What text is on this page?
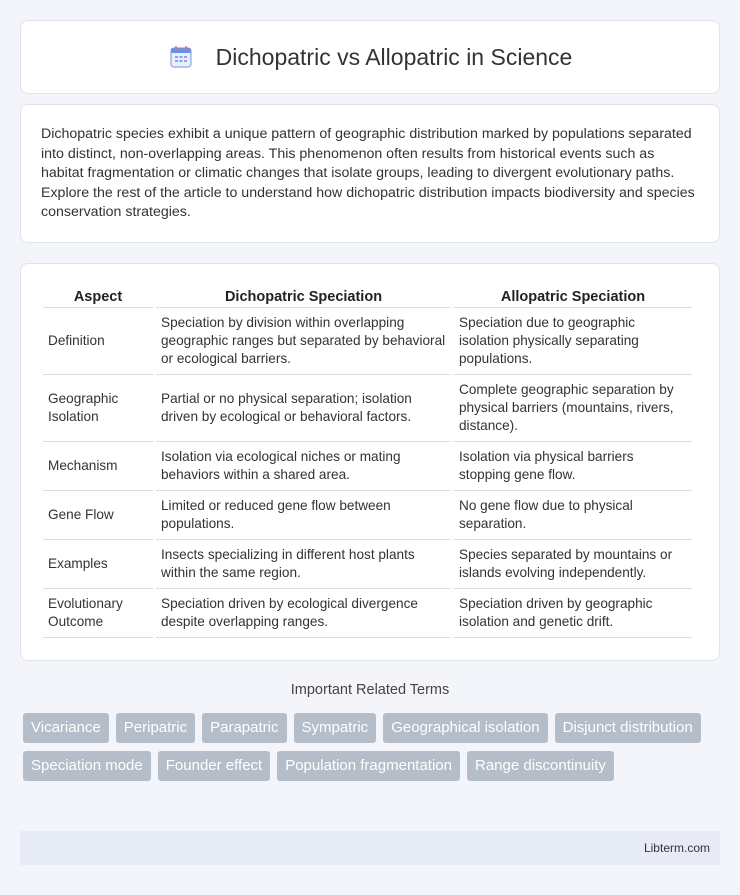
Dichopatric vs Allopatric in Science

Dichopatric species exhibit a unique pattern of geographic distribution marked by populations separated into distinct, non-overlapping areas. This phenomenon often results from historical events such as habitat fragmentation or climatic changes that isolate groups, leading to divergent evolutionary paths. Explore the rest of the article to understand how dichopatric distribution impacts biodiversity and species conservation strategies.

Aspect	Dichopatric Speciation	Allopatric Speciation
Definition	Speciation by division within overlapping geographic ranges but separated by behavioral or ecological barriers.	Speciation due to geographic isolation physically separating populations.
Geographic Isolation	Partial or no physical separation; isolation driven by ecological or behavioral factors.	Complete geographic separation by physical barriers (mountains, rivers, distance).
Mechanism	Isolation via ecological niches or mating behaviors within a shared area.	Isolation via physical barriers stopping gene flow.
Gene Flow	Limited or reduced gene flow between populations.	No gene flow due to physical separation.
Examples	Insects specializing in different host plants within the same region.	Species separated by mountains or islands evolving independently.
Evolutionary Outcome	Speciation driven by ecological divergence despite overlapping ranges.	Speciation driven by geographic isolation and genetic drift.
Important Related Terms
Vicariance	Peripatric	Parapatric	Sympatric	Geographical isolation	Disjunct distribution
Speciation mode	Founder effect	Population fragmentation	Range discontinuity
Libterm.com
